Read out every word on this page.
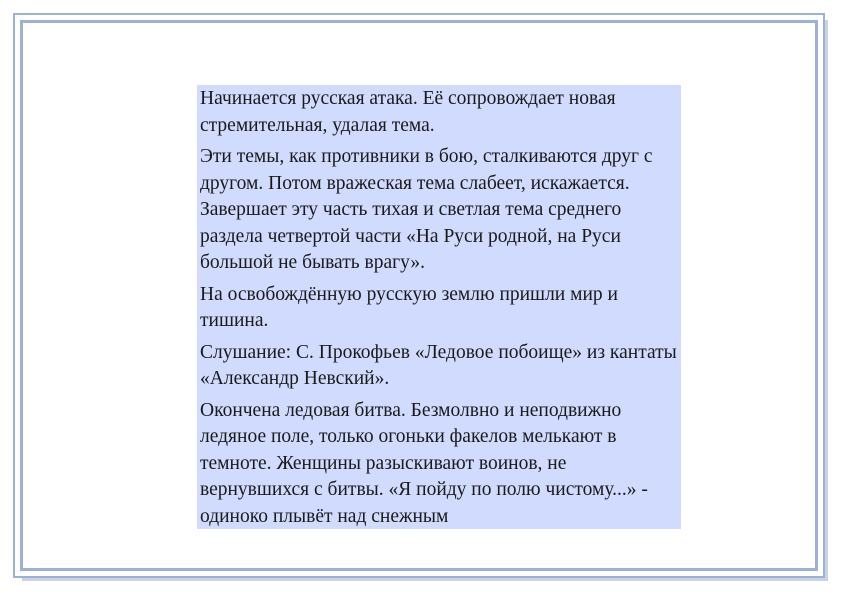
Начинается русская атака. Её сопровождает новая стремительная, удалая тема.

Эти темы, как противники в бою, сталкиваются друг с другом. Потом вражеская тема слабеет, искажается. Завершает эту часть тихая и светлая тема среднего раздела четвертой части «На Руси родной, на Руси большой не бывать врагу».

На освобождённую русскую землю пришли мир и тишина.

Слушание: С. Прокофьев «Ледовое побоище» из кантаты «Александр Невский».

Окончена ледовая битва. Безмолвно и неподвижно ледяное поле, только огоньки факелов мелькают в темноте. Женщины разыскивают воинов, не вернувшихся с битвы. «Я пойду по полю чистому...» - одиноко плывёт над снежным
